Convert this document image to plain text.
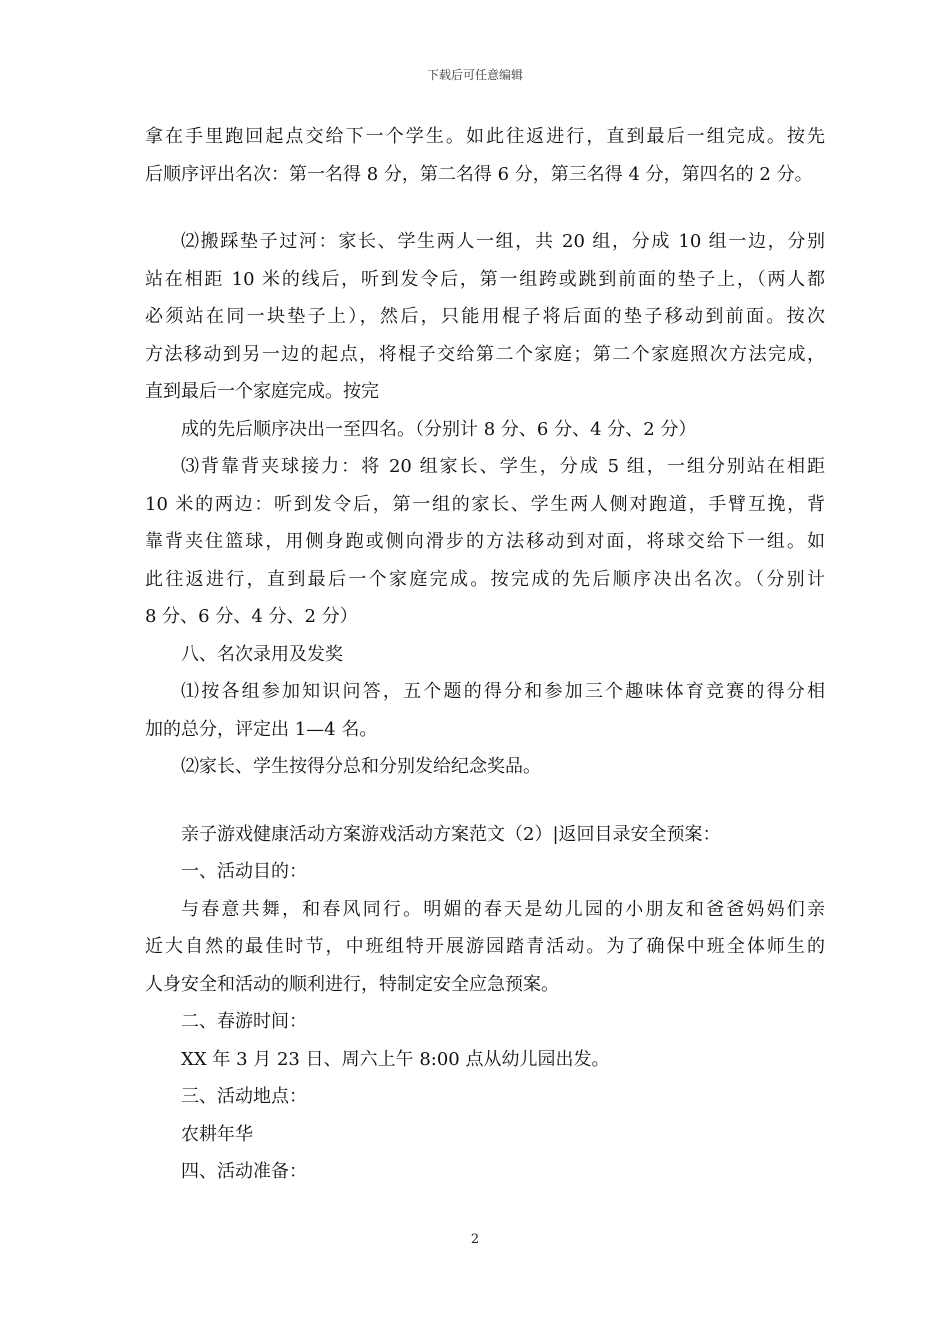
下载后可任意编辑
拿在手里跑回起点交给下一个学生。如此往返进行，直到最后一组完成。按先
后顺序评出名次：第一名得 8 分，第二名得 6 分，第三名得 4 分，第四名的 2 分。
⑵搬踩垫子过河：家长、学生两人一组，共 20 组，分成 10 组一边，分别
站在相距 10 米的线后，听到发令后，第一组跨或跳到前面的垫子上，（两人都
必须站在同一块垫子上），然后，只能用棍子将后面的垫子移动到前面。按次
方法移动到另一边的起点，将棍子交给第二个家庭；第二个家庭照次方法完成，
直到最后一个家庭完成。按完
成的先后顺序决出一至四名。（分别计 8 分、6 分、4 分、2 分）
⑶背靠背夹球接力：将 20 组家长、学生，分成 5 组，一组分别站在相距
10 米的两边：听到发令后，第一组的家长、学生两人侧对跑道，手臂互挽，背
靠背夹住篮球，用侧身跑或侧向滑步的方法移动到对面，将球交给下一组。如
此往返进行，直到最后一个家庭完成。按完成的先后顺序决出名次。（分别计
8 分、6 分、4 分、2 分）
八、名次录用及发奖
⑴按各组参加知识问答，五个题的得分和参加三个趣味体育竞赛的得分相
加的总分，评定出 1—4 名。
⑵家长、学生按得分总和分别发给纪念奖品。
亲子游戏健康活动方案游戏活动方案范文（2）|返回目录安全预案：
一、活动目的：
与春意共舞，和春风同行。明媚的春天是幼儿园的小朋友和爸爸妈妈们亲
近大自然的最佳时节，中班组特开展游园踏青活动。为了确保中班全体师生的
人身安全和活动的顺利进行，特制定安全应急预案。
二、春游时间：
XX 年 3 月 23 日、周六上午 8:00 点从幼儿园出发。
三、活动地点：
农耕年华
四、活动准备：
2
